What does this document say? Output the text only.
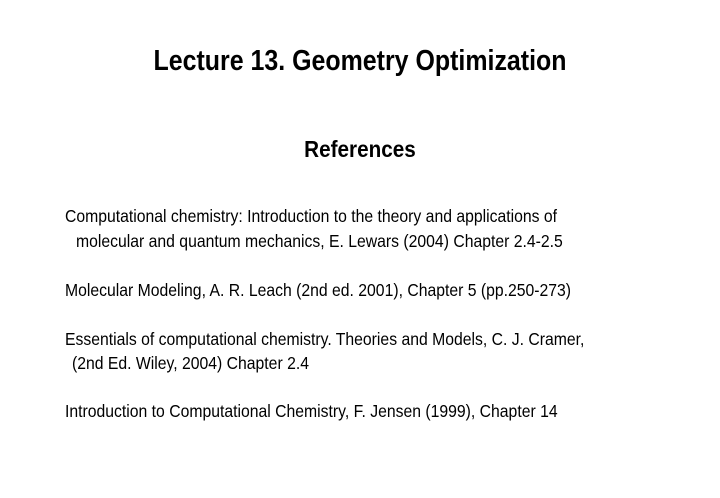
Lecture 13. Geometry Optimization
References
Computational chemistry: Introduction to the theory and applications of
molecular and quantum mechanics, E. Lewars (2004) Chapter 2.4-2.5
Molecular Modeling, A. R. Leach (2nd ed. 2001), Chapter 5 (pp.250-273)
Essentials of computational chemistry. Theories and Models, C. J. Cramer,
(2nd Ed. Wiley, 2004) Chapter 2.4
Introduction to Computational Chemistry, F. Jensen (1999), Chapter 14
